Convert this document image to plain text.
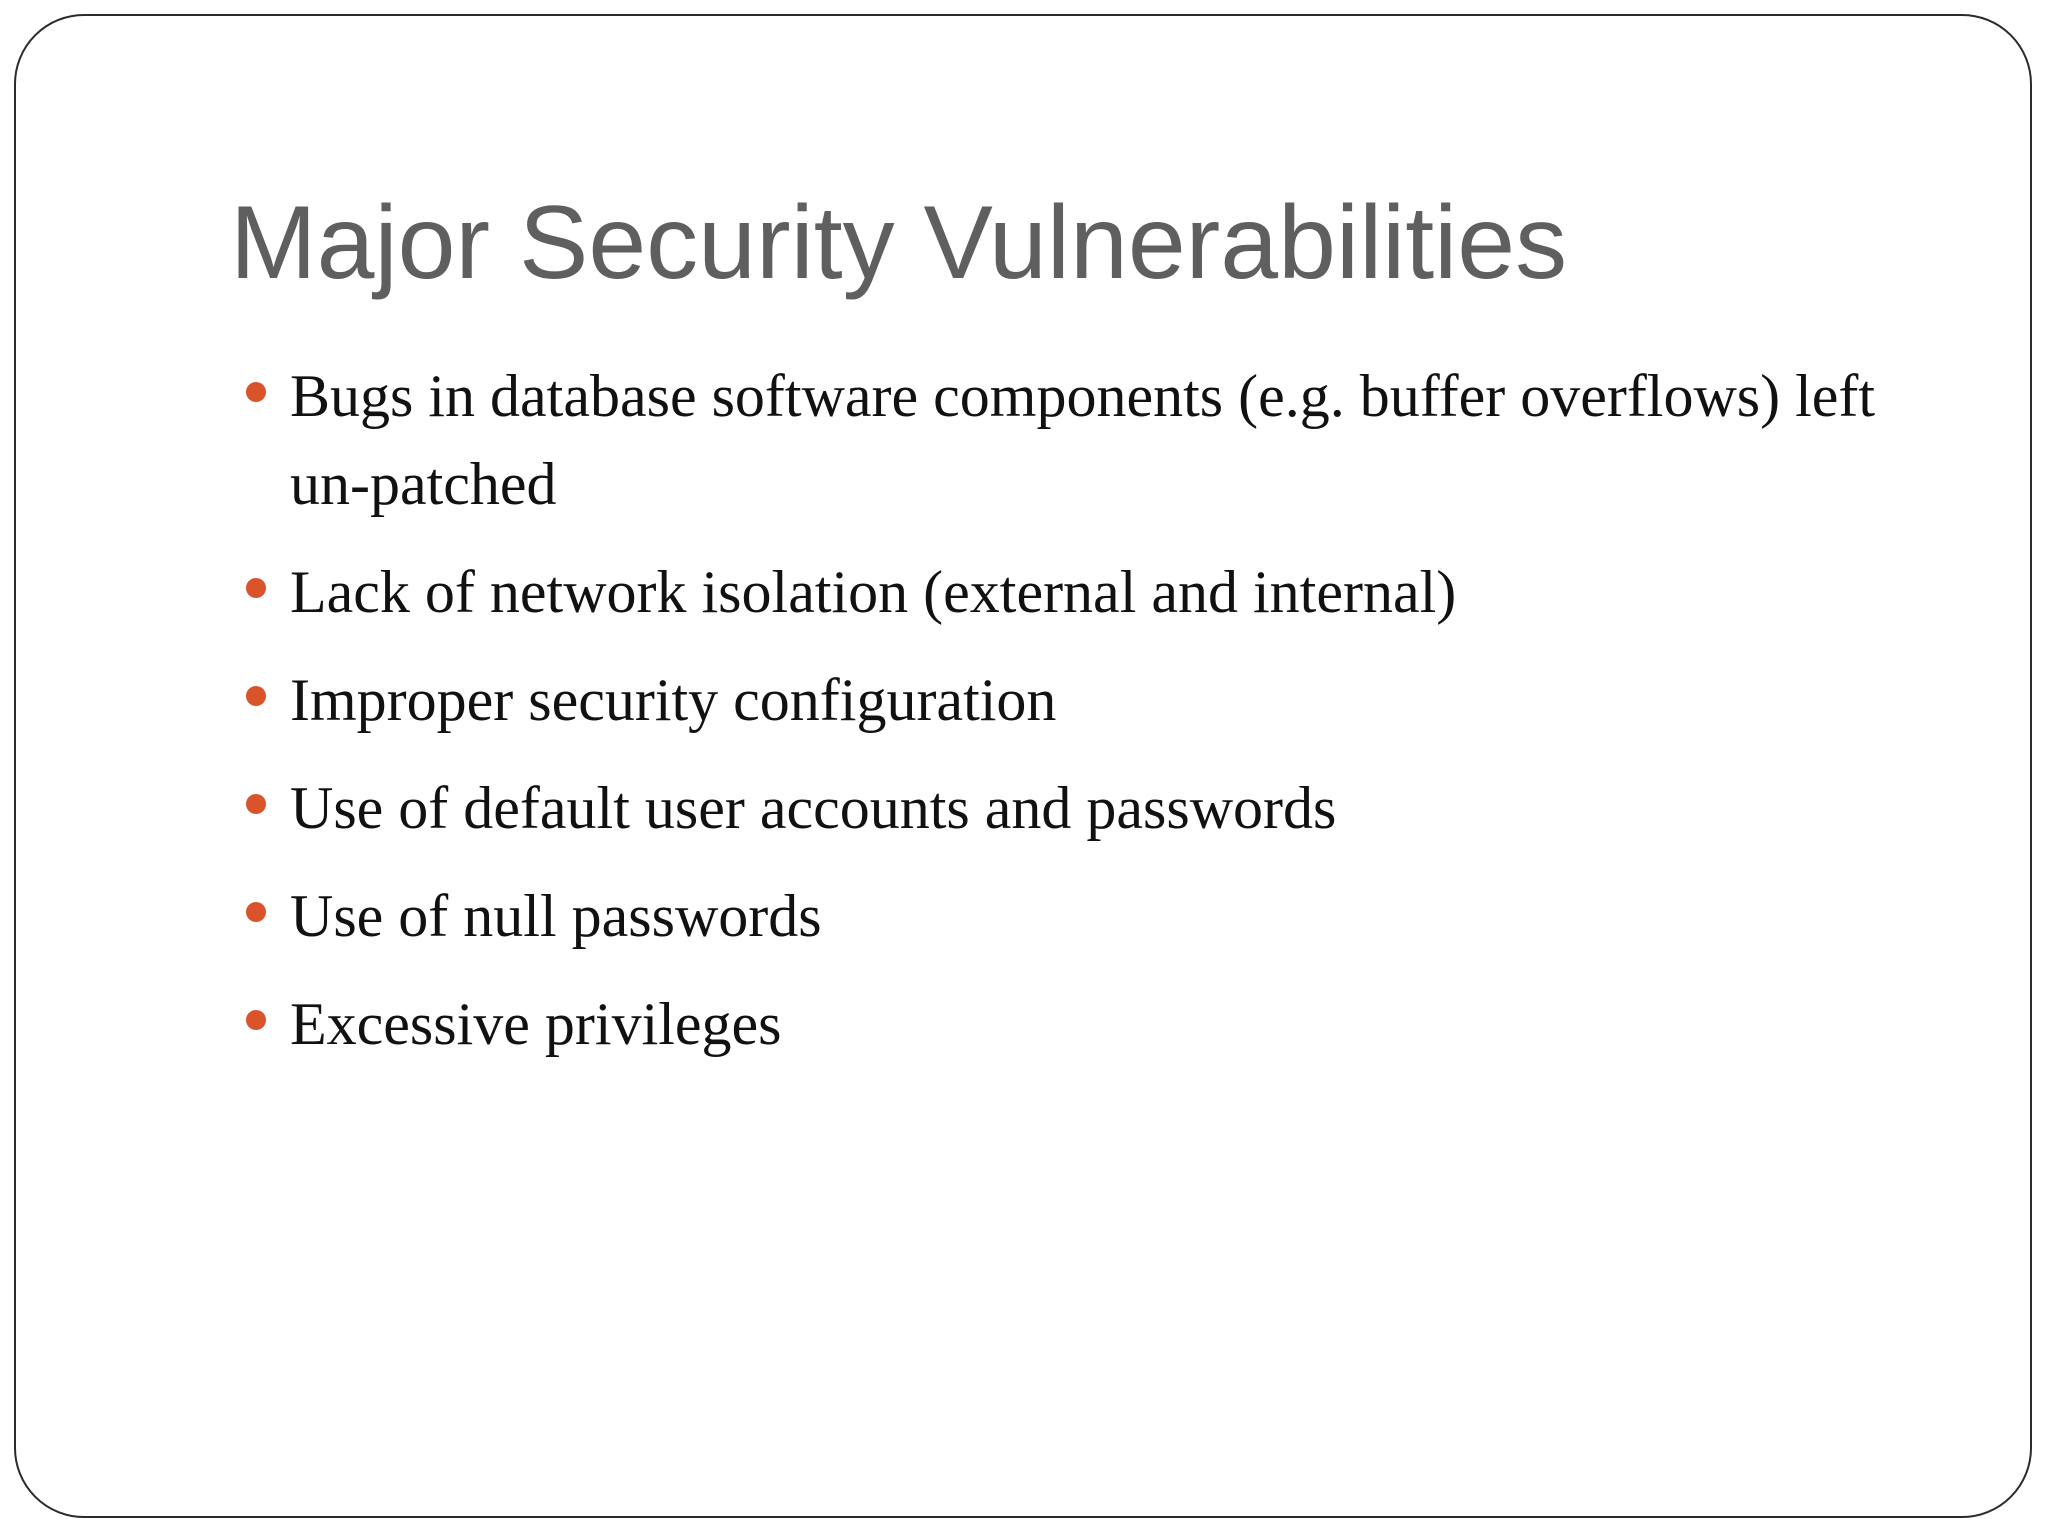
Major Security Vulnerabilities
Bugs in database software components (e.g. buffer overflows) left un-patched
Lack of network isolation (external and internal)
Improper security configuration
Use of default user accounts and passwords
Use of null passwords
Excessive privileges
